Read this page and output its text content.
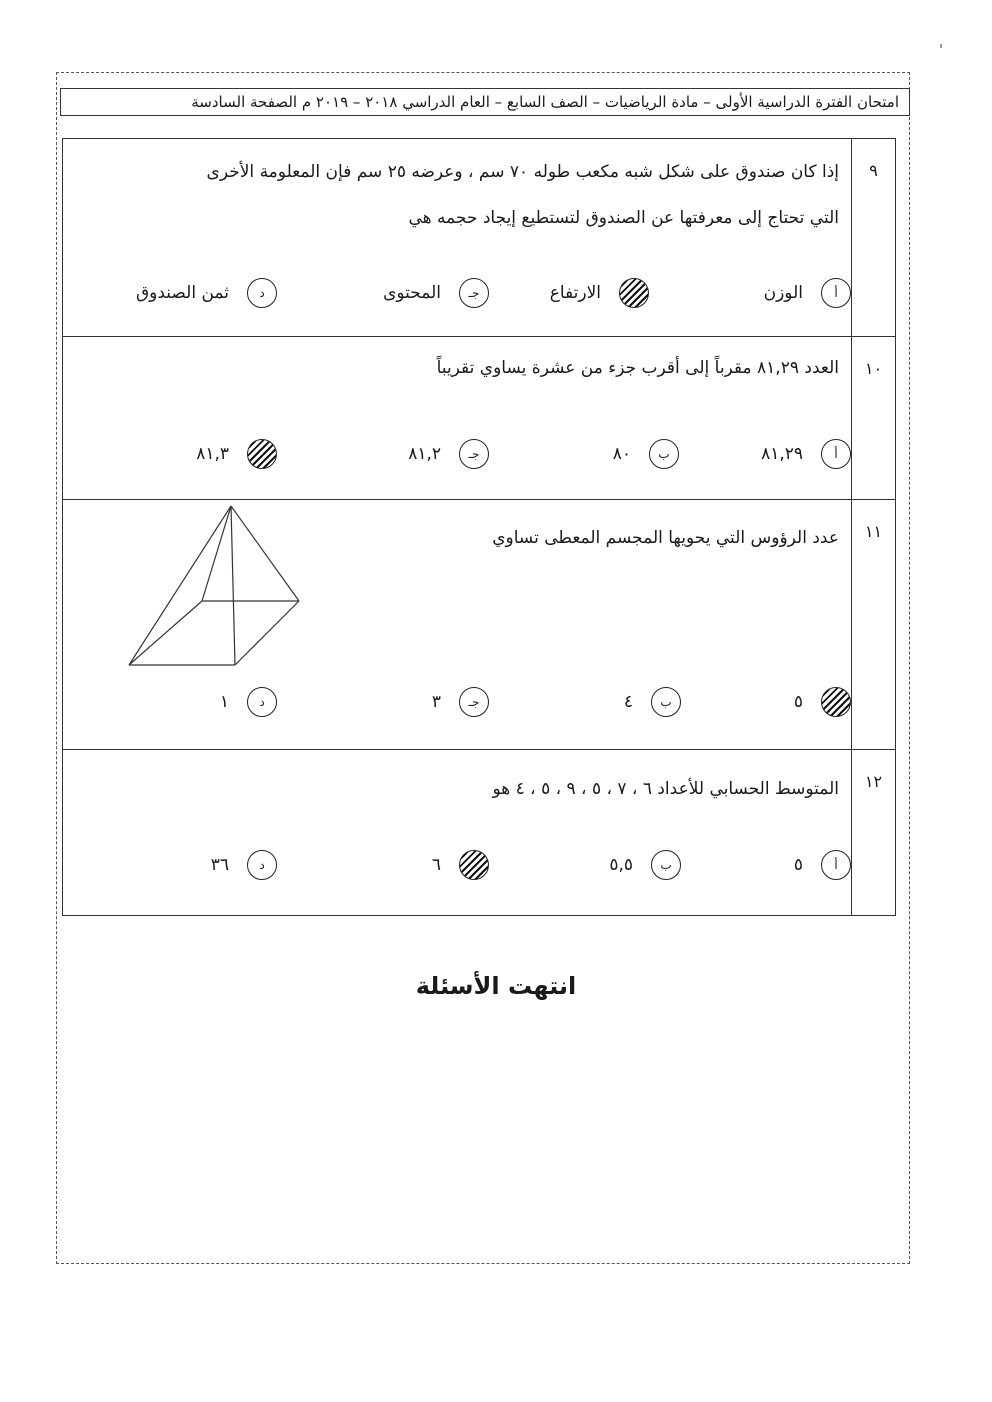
امتحان الفترة الدراسية الأولى – مادة الرياضيات – الصف السابع – العام الدراسي ٢٠١٨ – ٢٠١٩ م الصفحة السادسة
٩
إذا كان صندوق على شكل شبه مكعب طوله ٧٠ سم ، وعرضه ٢٥ سم فإن المعلومة الأخرى
التي تحتاج إلى معرفتها عن الصندوق لتستطيع إيجاد حجمه هي
أ
الوزن
الارتفاع
جـ
المحتوى
د
ثمن الصندوق
١٠
العدد ٨١,٢٩ مقرباً إلى أقرب جزء من عشرة يساوي تقريباً
أ
٨١,٢٩
ب
٨٠
جـ
٨١,٢
٨١,٣
١١
عدد الرؤوس التي يحويها المجسم المعطى تساوي
٥
ب
٤
جـ
٣
د
١
١٢
المتوسط الحسابي للأعداد ٦ ، ٧ ، ٥ ، ٩ ، ٥ ، ٤ هو
أ
٥
ب
٥,٥
٦
د
٣٦
انتهت الأسئلة
